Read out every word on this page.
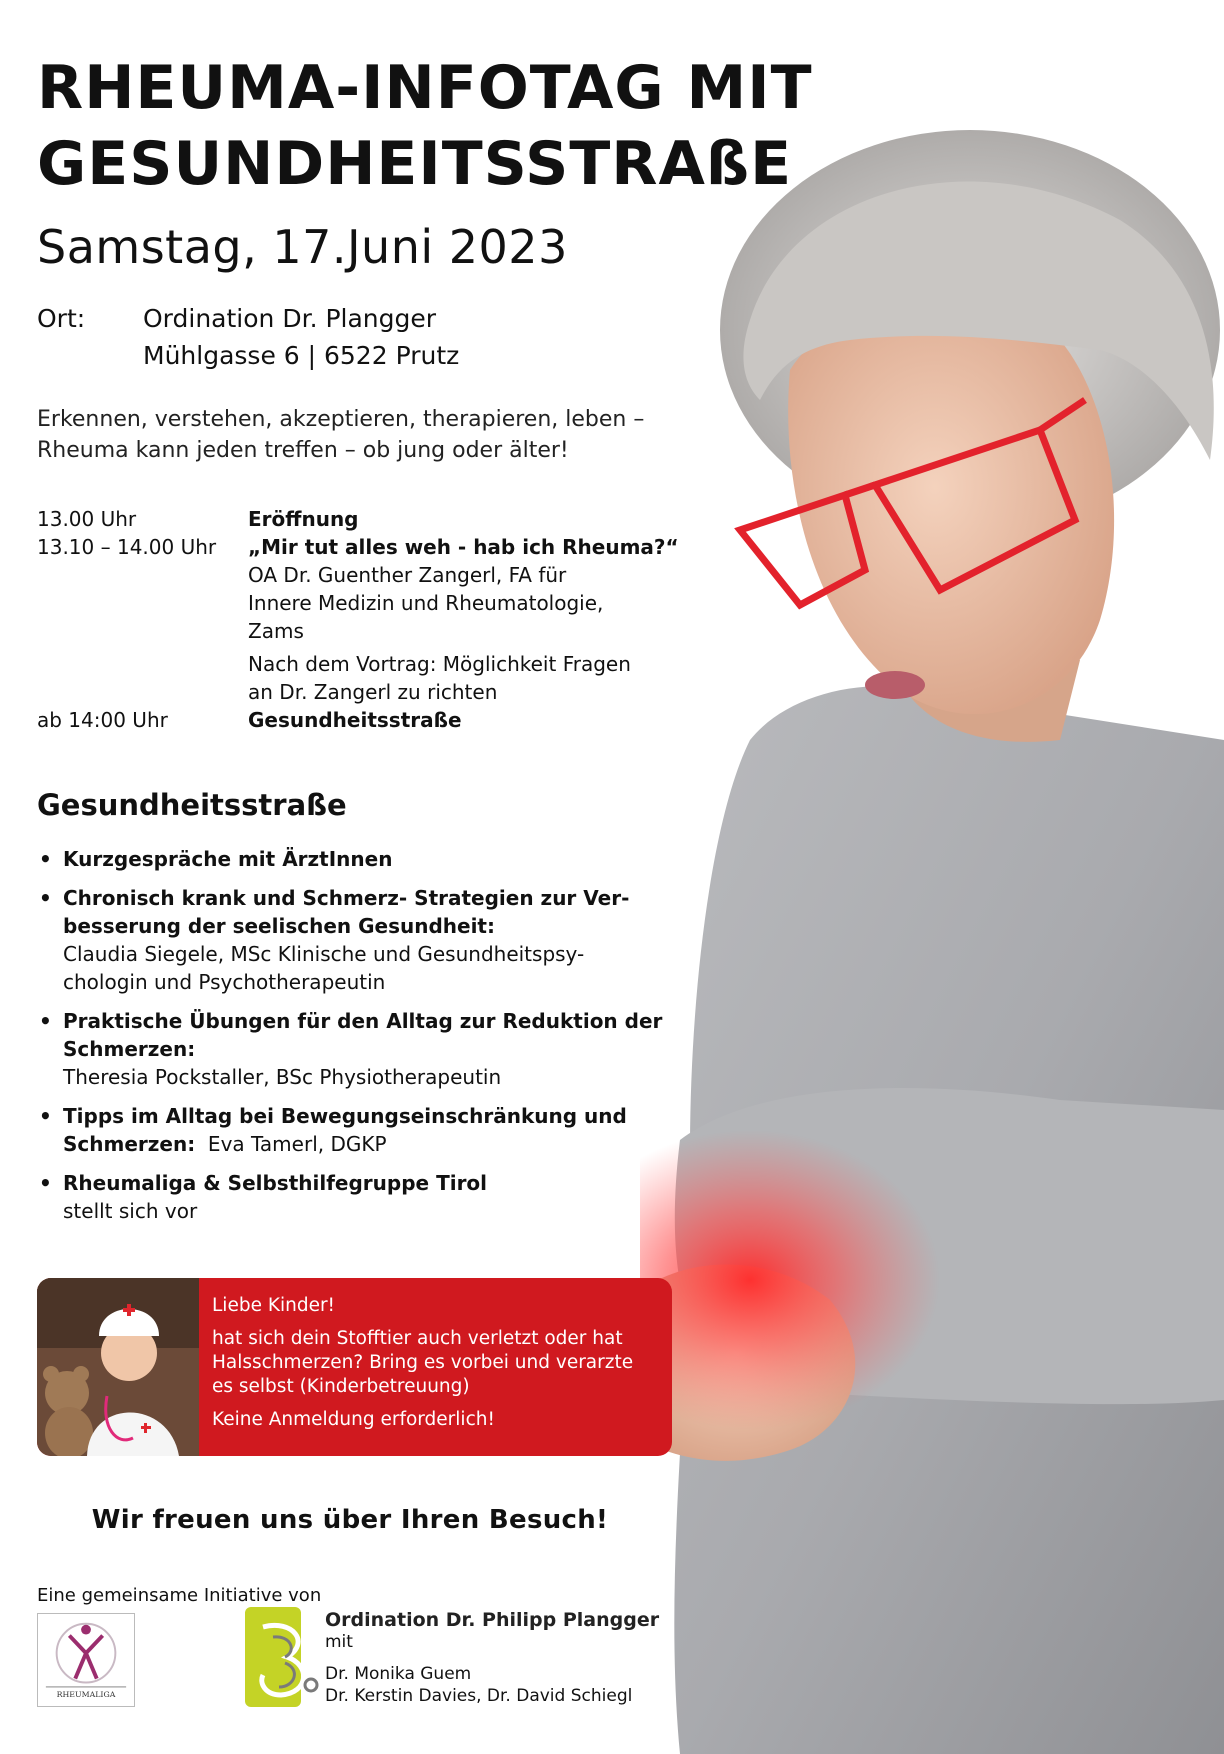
RHEUMA-INFOTAG MIT
GESUNDHEITSSTRAßE
Samstag, 17.Juni 2023
Ort:	Ordination Dr. Plangger
Mühlgasse 6 | 6522 Prutz
Erkennen, verstehen, akzeptieren, therapieren, leben –
Rheuma kann jeden treffen – ob jung oder älter!
13.00 Uhr	Eröffnung
13.10 – 14.00 Uhr	„Mir tut alles weh - hab ich Rheuma?“
OA Dr. Guenther Zangerl, FA für
Innere Medizin und Rheumatologie,
Zams
Nach dem Vortrag: Möglichkeit Fragen
an Dr. Zangerl zu richten
ab 14:00 Uhr	Gesundheitsstraße
Gesundheitsstraße
• Kurzgespräche mit ÄrztInnen
• Chronisch krank und Schmerz- Strategien zur Ver-
besserung der seelischen Gesundheit:
Claudia Siegele, MSc Klinische und Gesundheitspsy-
chologin und Psychotherapeutin
• Praktische Übungen für den Alltag zur Reduktion der
Schmerzen:
Theresia Pockstaller, BSc Physiotherapeutin
• Tipps im Alltag bei Bewegungseinschränkung und
Schmerzen:  Eva Tamerl, DGKP
• Rheumaliga & Selbsthilfegruppe Tirol
stellt sich vor

Liebe Kinder!

hat sich dein Stofftier auch verletzt oder hat
Halsschmerzen? Bring es vorbei und verarzte
es selbst (Kinderbetreuung)

Keine Anmeldung erforderlich!

Wir freuen uns über Ihren Besuch!
Eine gemeinsame Initiative von
RHEUMALIGA
Ordination Dr. Philipp Plangger
mit
Dr. Monika Guem
Dr. Kerstin Davies, Dr. David Schiegl
